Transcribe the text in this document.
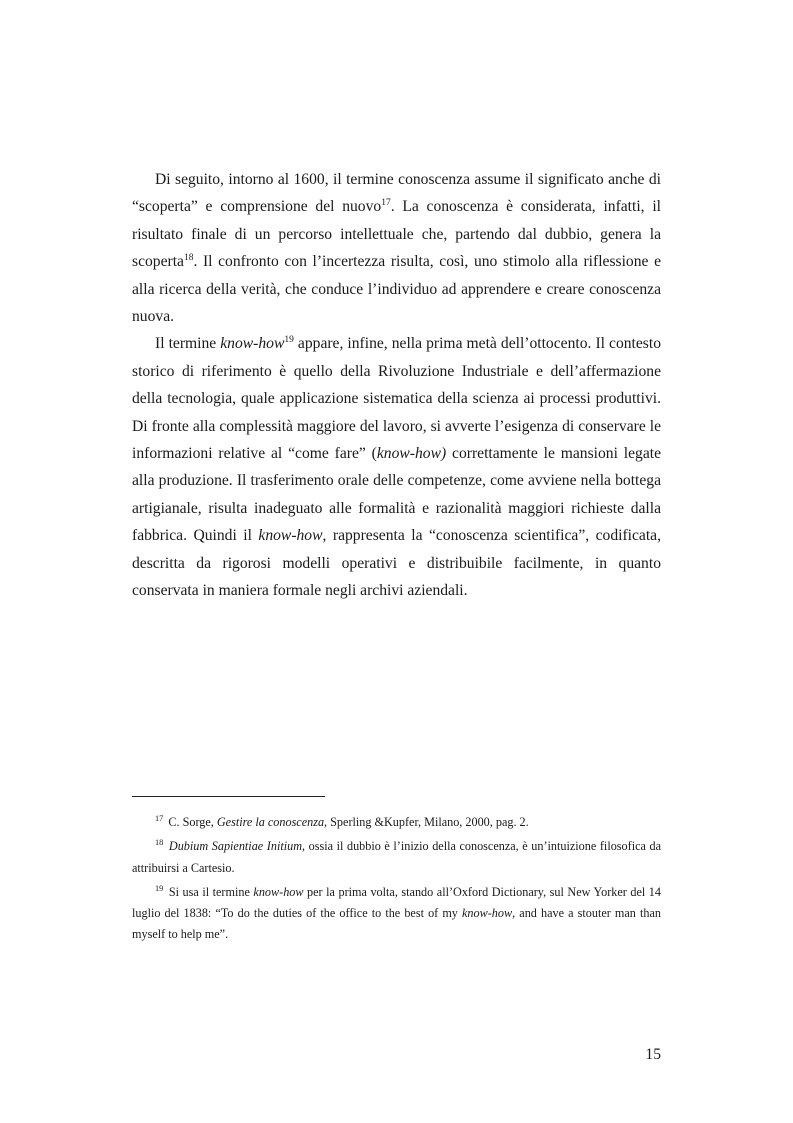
Di seguito, intorno al 1600, il termine conoscenza assume il significato anche di “scoperta” e comprensione del nuovo$^{17}$. La conoscenza è considerata, infatti, il risultato finale di un percorso intellettuale che, partendo dal dubbio, genera la scoperta$^{18}$. Il confronto con l’incertezza risulta, così, uno stimolo alla riflessione e alla ricerca della verità, che conduce l’individuo ad apprendere e creare conoscenza nuova.

Il termine know-how$^{19}$ appare, infine, nella prima metà dell’ottocento. Il contesto storico di riferimento è quello della Rivoluzione Industriale e dell’affermazione della tecnologia, quale applicazione sistematica della scienza ai processi produttivi. Di fronte alla complessità maggiore del lavoro, si avverte l’esigenza di conservare le informazioni relative al “come fare” (know-how) correttamente le mansioni legate alla produzione. Il trasferimento orale delle competenze, come avviene nella bottega artigianale, risulta inadeguato alle formalità e razionalità maggiori richieste dalla fabbrica. Quindi il know-how, rappresenta la “conoscenza scientifica”, codificata, descritta da rigorosi modelli operativi e distribuibile facilmente, in quanto conservata in maniera formale negli archivi aziendali.

$^{17}$ C. Sorge, Gestire la conoscenza, Sperling &Kupfer, Milano, 2000, pag. 2.

$^{18}$ Dubium Sapientiae Initium, ossia il dubbio è l’inizio della conoscenza, è un’intuizione filosofica da attribuirsi a Cartesio.

$^{19}$ Si usa il termine know-how per la prima volta, stando all’Oxford Dictionary, sul New Yorker del 14 luglio del 1838: “To do the duties of the office to the best of my know-how, and have a stouter man than myself to help me”.

15
